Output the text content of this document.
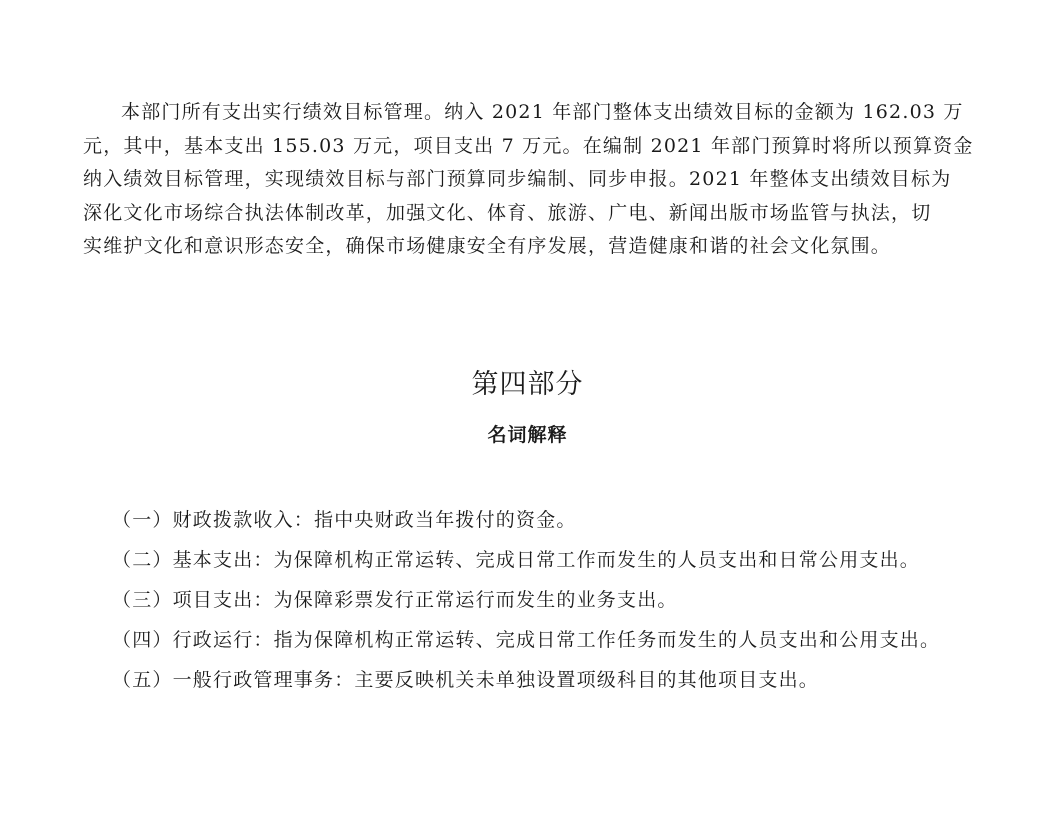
本部门所有支出实行绩效目标管理。纳入 2021 年部门整体支出绩效目标的金额为 162.03 万
元，其中，基本支出 155.03 万元，项目支出 7 万元。在编制 2021 年部门预算时将所以预算资金
纳入绩效目标管理，实现绩效目标与部门预算同步编制、同步申报。2021 年整体支出绩效目标为
深化文化市场综合执法体制改革，加强文化、体育、旅游、广电、新闻出版市场监管与执法，切
实维护文化和意识形态安全，确保市场健康安全有序发展，营造健康和谐的社会文化氛围。

第四部分
名词解释
（一）财政拨款收入：指中央财政当年拨付的资金。
（二）基本支出：为保障机构正常运转、完成日常工作而发生的人员支出和日常公用支出。
（三）项目支出：为保障彩票发行正常运行而发生的业务支出。
（四）行政运行：指为保障机构正常运转、完成日常工作任务而发生的人员支出和公用支出。
（五）一般行政管理事务：主要反映机关未单独设置项级科目的其他项目支出。
